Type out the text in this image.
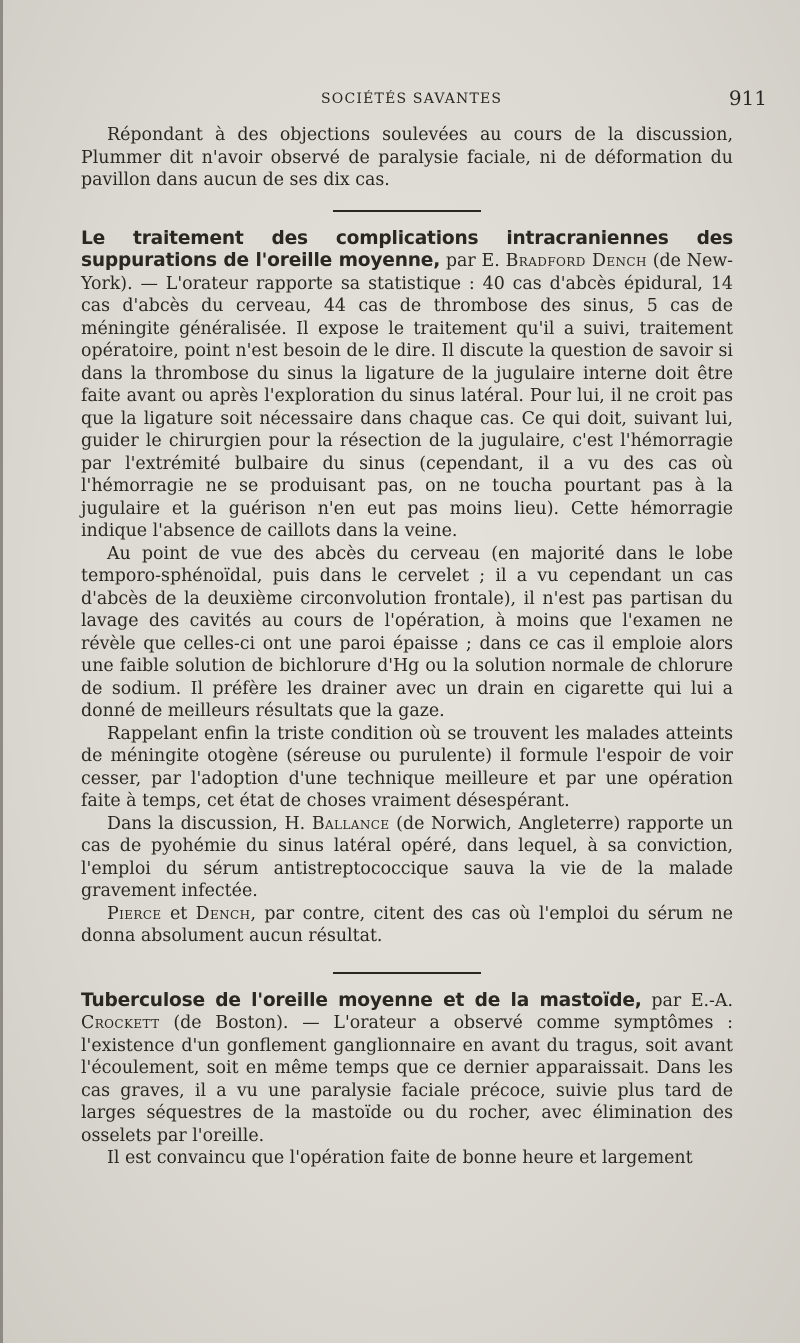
SOCIÉTÉS SAVANTES	911

Répondant à des objections soulevées au cours de la discussion, Plummer dit n'avoir observé de paralysie faciale, ni de déformation du pavillon dans aucun de ses dix cas.

Le traitement des complications intracraniennes des suppurations de l'oreille moyenne, par E. Bradford Dench (de New-York). — L'orateur rapporte sa statistique : 40 cas d'abcès épidural, 14 cas d'abcès du cerveau, 44 cas de thrombose des sinus, 5 cas de méningite généralisée. Il expose le traitement qu'il a suivi, traitement opératoire, point n'est besoin de le dire. Il discute la question de savoir si dans la thrombose du sinus la ligature de la jugulaire interne doit être faite avant ou après l'exploration du sinus latéral. Pour lui, il ne croit pas que la ligature soit nécessaire dans chaque cas. Ce qui doit, suivant lui, guider le chirurgien pour la résection de la jugulaire, c'est l'hémorragie par l'extrémité bulbaire du sinus (cependant, il a vu des cas où l'hémorragie ne se produisant pas, on ne toucha pourtant pas à la jugulaire et la guérison n'en eut pas moins lieu). Cette hémorragie indique l'absence de caillots dans la veine.

Au point de vue des abcès du cerveau (en majorité dans le lobe temporo-sphénoïdal, puis dans le cervelet ; il a vu cependant un cas d'abcès de la deuxième circonvolution frontale), il n'est pas partisan du lavage des cavités au cours de l'opération, à moins que l'examen ne révèle que celles-ci ont une paroi épaisse ; dans ce cas il emploie alors une faible solution de bichlorure d'Hg ou la solution normale de chlorure de sodium. Il préfère les drainer avec un drain en cigarette qui lui a donné de meilleurs résultats que la gaze.

Rappelant enfin la triste condition où se trouvent les malades atteints de méningite otogène (séreuse ou purulente) il formule l'espoir de voir cesser, par l'adoption d'une technique meilleure et par une opération faite à temps, cet état de choses vraiment désespérant.

Dans la discussion, H. Ballance (de Norwich, Angleterre) rapporte un cas de pyohémie du sinus latéral opéré, dans lequel, à sa conviction, l'emploi du sérum antistreptococcique sauva la vie de la malade gravement infectée.

Pierce et Dench, par contre, citent des cas où l'emploi du sérum ne donna absolument aucun résultat.

Tuberculose de l'oreille moyenne et de la mastoïde, par E.-A. Crockett (de Boston). — L'orateur a observé comme symptômes : l'existence d'un gonflement ganglionnaire en avant du tragus, soit avant l'écoulement, soit en même temps que ce dernier apparaissait. Dans les cas graves, il a vu une paralysie faciale précoce, suivie plus tard de larges séquestres de la mastoïde ou du rocher, avec élimination des osselets par l'oreille.

Il est convaincu que l'opération faite de bonne heure et largement
